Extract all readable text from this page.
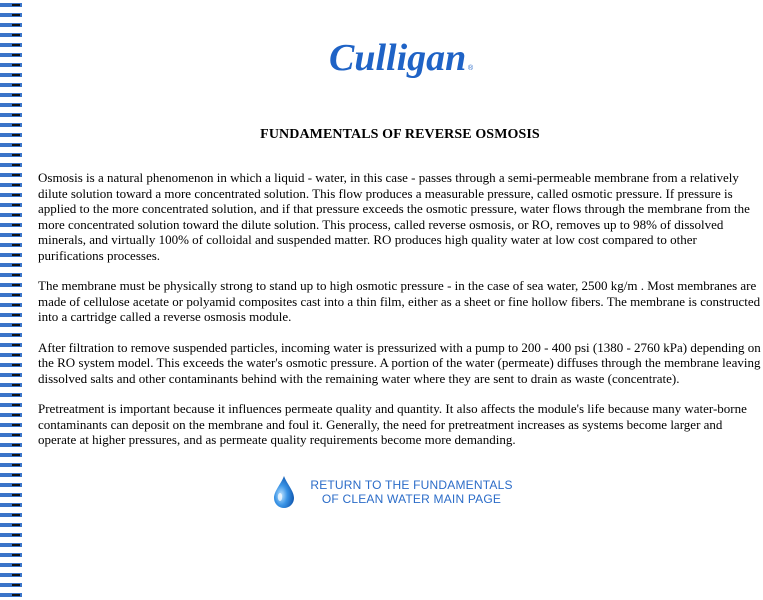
Culligan ®
FUNDAMENTALS OF REVERSE OSMOSIS

Osmosis is a natural phenomenon in which a liquid - water, in this case - passes through a semi-permeable membrane from a relatively dilute solution toward a more concentrated solution. This flow produces a measurable pressure, called osmotic pressure. If pressure is applied to the more concentrated solution, and if that pressure exceeds the osmotic pressure, water flows through the membrane from the more concentrated solution toward the dilute solution. This process, called reverse osmosis, or RO, removes up to 98% of dissolved minerals, and virtually 100% of colloidal and suspended matter. RO produces high quality water at low cost compared to other purifications processes.

The membrane must be physically strong to stand up to high osmotic pressure - in the case of sea water, 2500 kg/m . Most membranes are made of cellulose acetate or polyamid composites cast into a thin film, either as a sheet or fine hollow fibers. The membrane is constructed into a cartridge called a reverse osmosis module.

After filtration to remove suspended particles, incoming water is pressurized with a pump to 200 - 400 psi (1380 - 2760 kPa) depending on the RO system model. This exceeds the water's osmotic pressure. A portion of the water (permeate) diffuses through the membrane leaving dissolved salts and other contaminants behind with the remaining water where they are sent to drain as waste (concentrate).

Pretreatment is important because it influences permeate quality and quantity. It also affects the module's life because many water-borne contaminants can deposit on the membrane and foul it. Generally, the need for pretreatment increases as systems become larger and operate at higher pressures, and as permeate quality requirements become more demanding.

RETURN TO THE FUNDAMENTALS
OF CLEAN WATER MAIN PAGE
